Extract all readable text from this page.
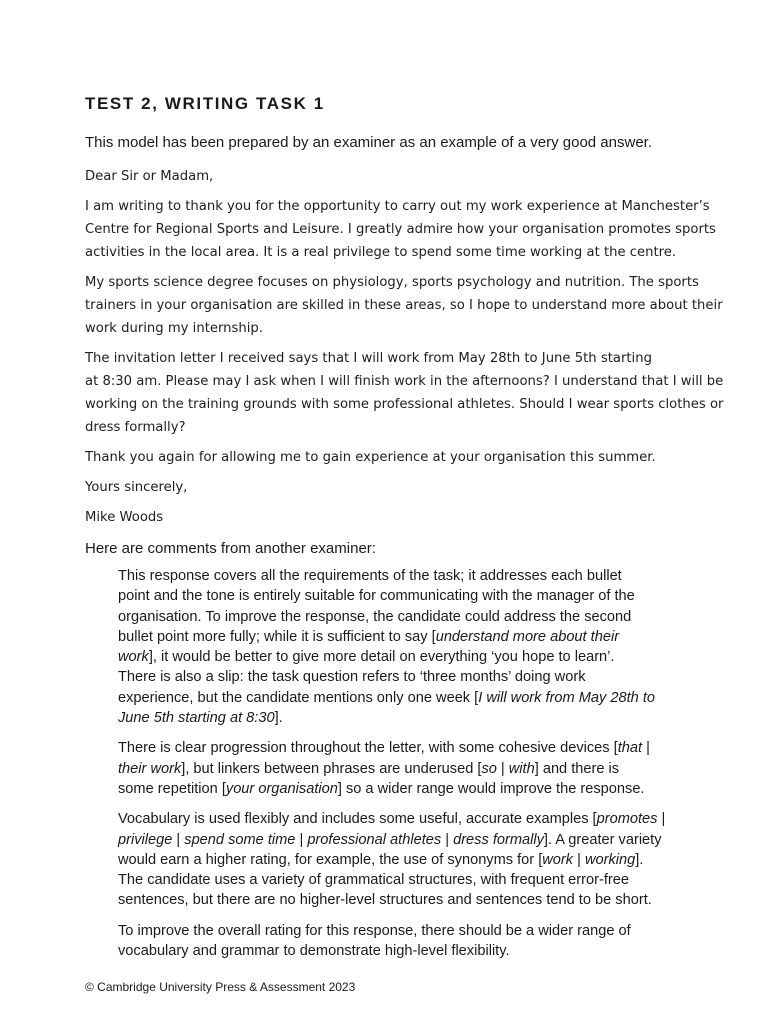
TEST 2, WRITING TASK 1

This model has been prepared by an examiner as an example of a very good answer.

Dear Sir or Madam,

I am writing to thank you for the opportunity to carry out my work experience at Manchester’s
Centre for Regional Sports and Leisure. I greatly admire how your organisation promotes sports
activities in the local area. It is a real privilege to spend some time working at the centre.

My sports science degree focuses on physiology, sports psychology and nutrition. The sports
trainers in your organisation are skilled in these areas, so I hope to understand more about their
work during my internship.

The invitation letter I received says that I will work from May 28th to June 5th starting
at 8:30 am. Please may I ask when I will finish work in the afternoons? I understand that I will be
working on the training grounds with some professional athletes. Should I wear sports clothes or
dress formally?

Thank you again for allowing me to gain experience at your organisation this summer.

Yours sincerely,

Mike Woods

Here are comments from another examiner:

This response covers all the requirements of the task; it addresses each bullet
point and the tone is entirely suitable for communicating with the manager of the
organisation. To improve the response, the candidate could address the second
bullet point more fully; while it is sufficient to say [understand more about their
work], it would be better to give more detail on everything ‘you hope to learn’.
There is also a slip: the task question refers to ‘three months’ doing work
experience, but the candidate mentions only one week [I will work from May 28th to
June 5th starting at 8:30].

There is clear progression throughout the letter, with some cohesive devices [that |
their work], but linkers between phrases are underused [so | with] and there is
some repetition [your organisation] so a wider range would improve the response.

Vocabulary is used flexibly and includes some useful, accurate examples [promotes |
privilege | spend some time | professional athletes | dress formally]. A greater variety
would earn a higher rating, for example, the use of synonyms for [work | working].
The candidate uses a variety of grammatical structures, with frequent error-free
sentences, but there are no higher-level structures and sentences tend to be short.

To improve the overall rating for this response, there should be a wider range of
vocabulary and grammar to demonstrate high-level flexibility.

© Cambridge University Press & Assessment 2023
